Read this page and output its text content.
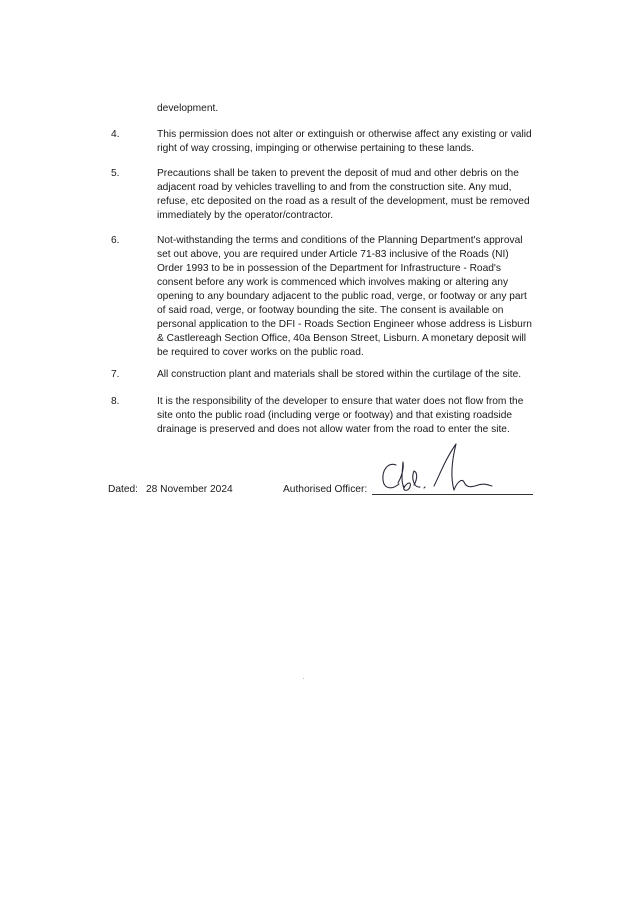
development.
4.	This permission does not alter or extinguish or otherwise affect any existing or valid
right of way crossing, impinging or otherwise pertaining to these lands.
5.	Precautions shall be taken to prevent the deposit of mud and other debris on the
adjacent road by vehicles travelling to and from the construction site. Any mud,
refuse, etc deposited on the road as a result of the development, must be removed
immediately by the operator/contractor.
6.	Not-withstanding the terms and conditions of the Planning Department's approval
set out above, you are required under Article 71-83 inclusive of the Roads (NI)
Order 1993 to be in possession of the Department for Infrastructure - Road's
consent before any work is commenced which involves making or altering any
opening to any boundary adjacent to the public road, verge, or footway or any part
of said road, verge, or footway bounding the site. The consent is available on
personal application to the DFI - Roads Section Engineer whose address is Lisburn
& Castlereagh Section Office, 40a Benson Street, Lisburn. A monetary deposit will
be required to cover works on the public road.
7.	All construction plant and materials shall be stored within the curtilage of the site.
8.	It is the responsibility of the developer to ensure that water does not flow from the
site onto the public road (including verge or footway) and that existing roadside
drainage is preserved and does not allow water from the road to enter the site.
Dated: 28 November 2024	Authorised Officer:
